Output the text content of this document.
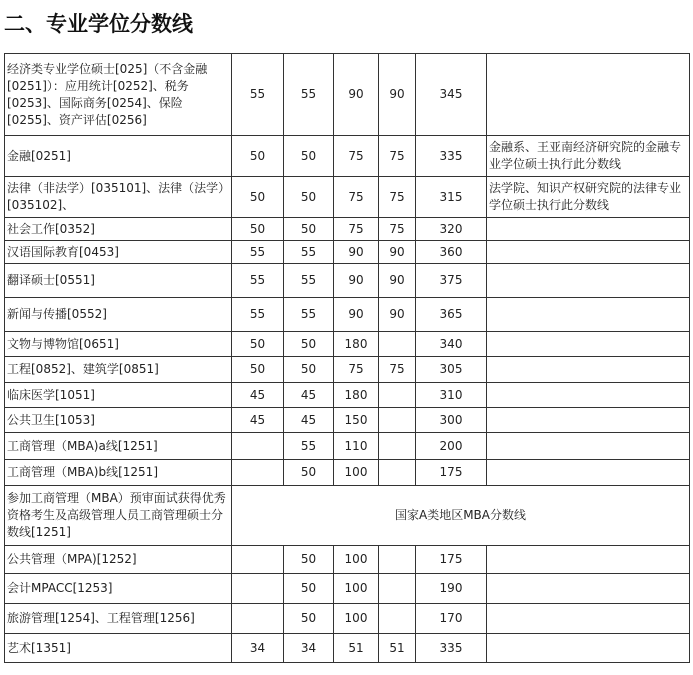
二、专业学位分数线
经济类专业学位硕士[025]（不含金融[0251]）：应用统计[0252]、税务[0253]、国际商务[0254]、保险[0255]、资产评估[0256]	55	55	90	90	345	
金融[0251]	50	50	75	75	335	金融系、王亚南经济研究院的金融专业学位硕士执行此分数线
法律（非法学）[035101]、法律（法学）[035102]、	50	50	75	75	315	法学院、知识产权研究院的法律专业学位硕士执行此分数线
社会工作[0352]	50	50	75	75	320	
汉语国际教育[0453]	55	55	90	90	360	
翻译硕士[0551]	55	55	90	90	375	
新闻与传播[0552]	55	55	90	90	365	
文物与博物馆[0651]	50	50	180		340	
工程[0852]、建筑学[0851]	50	50	75	75	305	
临床医学[1051]	45	45	180		310	
公共卫生[1053]	45	45	150		300	
工商管理（MBA)a线[1251]		55	110		200	
工商管理（MBA)b线[1251]		50	100		175	
参加工商管理（MBA）预审面试获得优秀资格考生及高级管理人员工商管理硕士分数线[1251]	国家A类地区MBA分数线					
公共管理（MPA)[1252]		50	100		175	
会计MPACC[1253]		50	100		190	
旅游管理[1254]、工程管理[1256]		50	100		170	
艺术[1351]	34	34	51	51	335	
